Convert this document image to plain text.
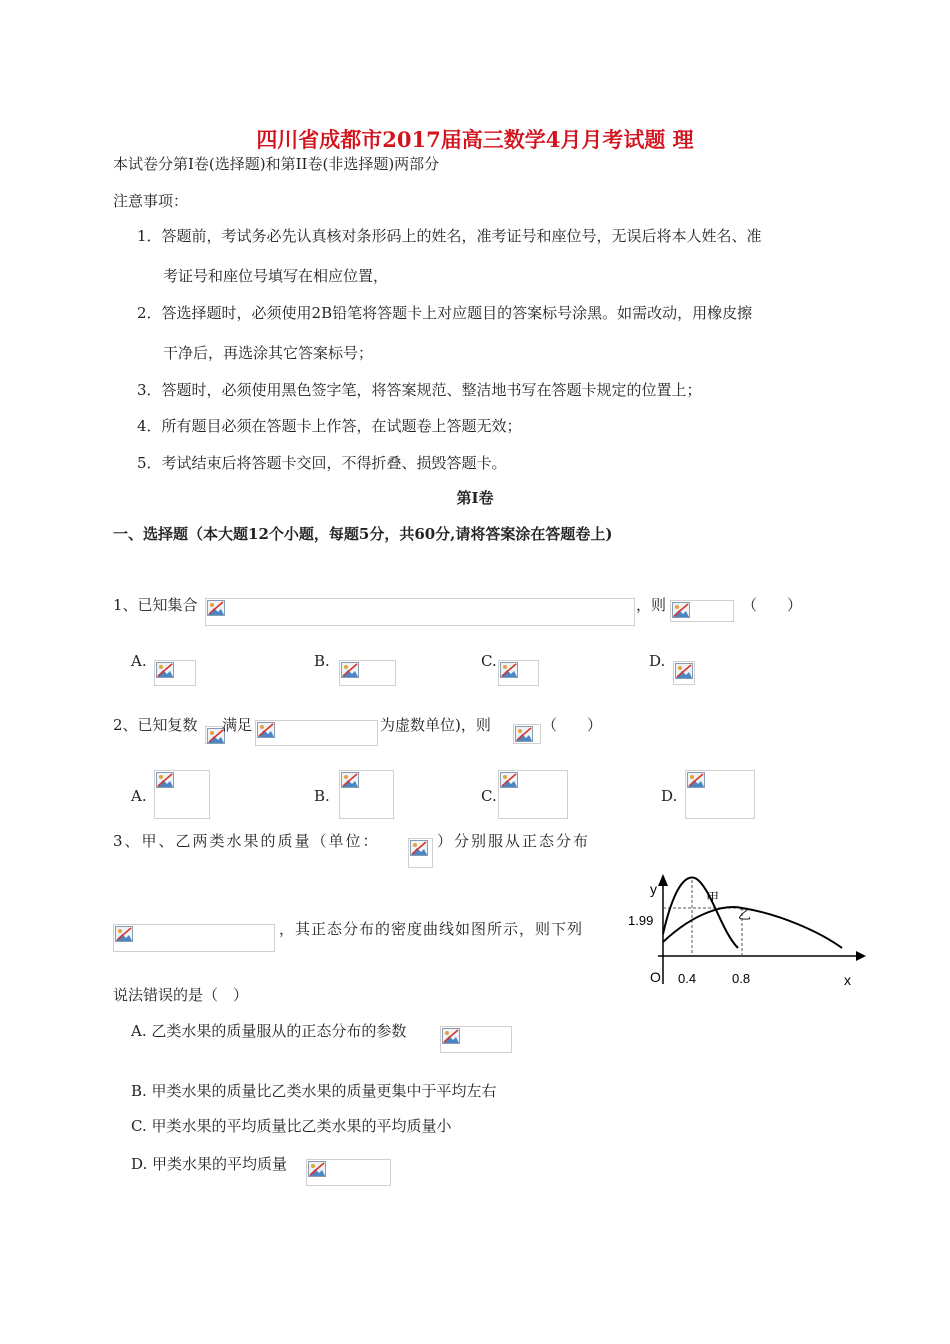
四川省成都市2017届高三数学4月月考试题 理
本试卷分第I卷(选择题)和第II卷(非选择题)两部分
注意事项：
1．答题前，考试务必先认真核对条形码上的姓名，准考证号和座位号，无误后将本人姓名、准
考证号和座位号填写在相应位置，
2．答选择题时，必须使用2B铅笔将答题卡上对应题目的答案标号涂黑。如需改动，用橡皮擦
干净后，再选涂其它答案标号；
3．答题时，必须使用黑色签字笔，将答案规范、整洁地书写在答题卡规定的位置上；
4．所有题目必须在答题卡上作答，在试题卷上答题无效；
5．考试结束后将答题卡交回，不得折叠、损毁答题卡。
第I卷
一、选择题（本大题12个小题，每题5分，共60分,请将答案涂在答题卷上)
1、已知集合	，则	（　　）
A.	B.	C.	D.
2、已知复数 满足	为虚数单位)，则	（　　）
A.	B.	C.	D.
3、甲、乙两类水果的质量（单位：	）分别服从正态分布
，其正态分布的密度曲线如图所示，则下列
说法错误的是（　）
A. 乙类水果的质量服从的正态分布的参数
B. 甲类水果的质量比乙类水果的质量更集中于平均左右
C. 甲类水果的平均质量比乙类水果的平均质量小
D. 甲类水果的平均质量
y
x
O
1.99
0.4	0.8
甲
乙
